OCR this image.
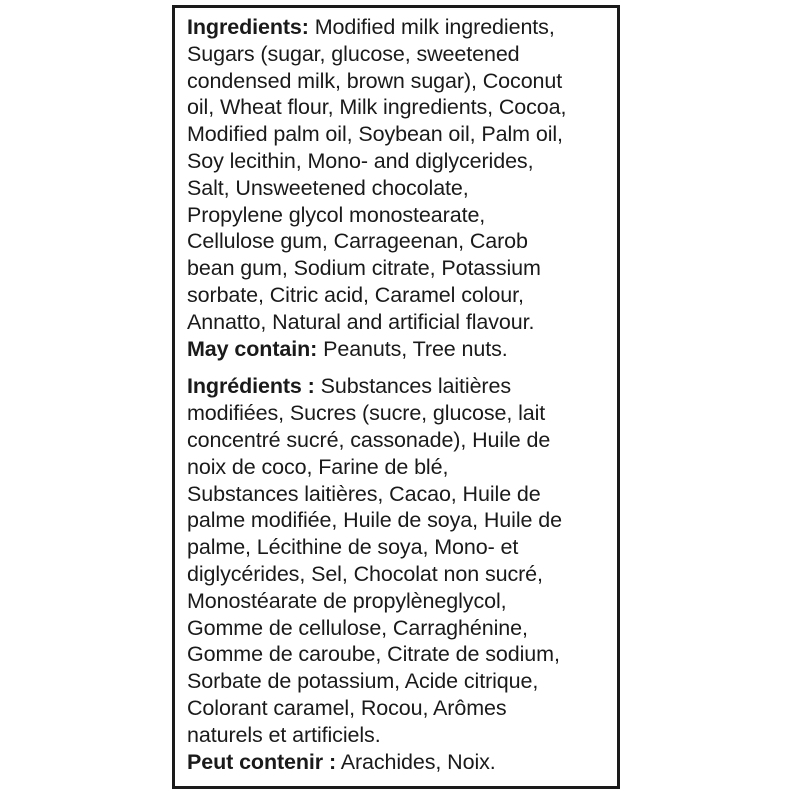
Ingredients: Modified milk ingredients,
Sugars (sugar, glucose, sweetened
condensed milk, brown sugar), Coconut
oil, Wheat flour, Milk ingredients, Cocoa,
Modified palm oil, Soybean oil, Palm oil,
Soy lecithin, Mono- and diglycerides,
Salt, Unsweetened chocolate,
Propylene glycol monostearate,
Cellulose gum, Carrageenan, Carob
bean gum, Sodium citrate, Potassium
sorbate, Citric acid, Caramel colour,
Annatto, Natural and artificial flavour.
May contain: Peanuts, Tree nuts.
Ingrédients : Substances laitières
modifiées, Sucres (sucre, glucose, lait
concentré sucré, cassonade), Huile de
noix de coco, Farine de blé,
Substances laitières, Cacao, Huile de
palme modifiée, Huile de soya, Huile de
palme, Lécithine de soya, Mono- et
diglycérides, Sel, Chocolat non sucré,
Monostéarate de propylèneglycol,
Gomme de cellulose, Carraghénine,
Gomme de caroube, Citrate de sodium,
Sorbate de potassium, Acide citrique,
Colorant caramel, Rocou, Arômes
naturels et artificiels.
Peut contenir : Arachides, Noix.
